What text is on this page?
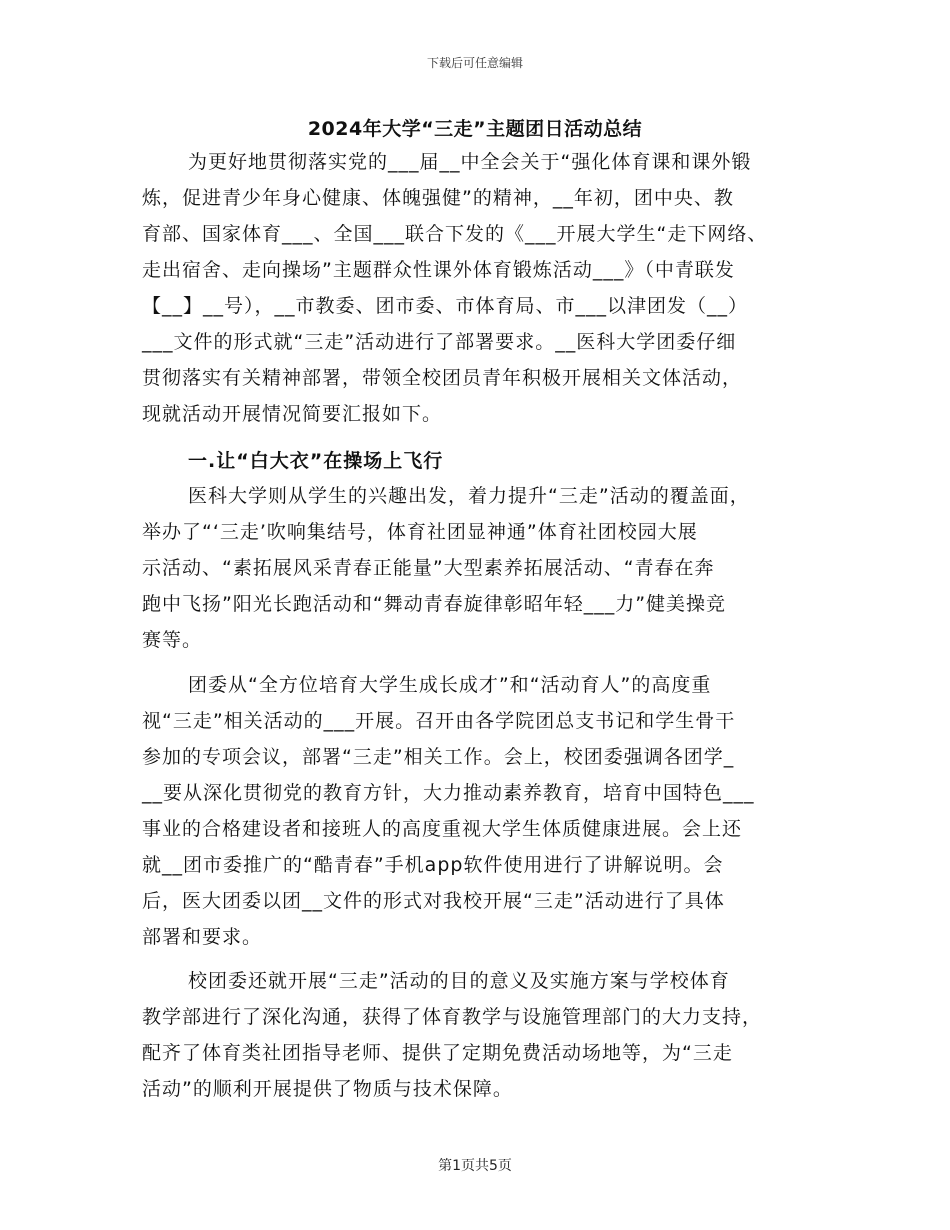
下载后可任意编辑
2024年大学“三走”主题团日活动总结
为更好地贯彻落实党的___届__中全会关于“强化体育课和课外锻
炼，促进青少年身心健康、体魄强健”的精神，__年初，团中央、教
育部、国家体育___、全国___联合下发的《___开展大学生“走下网络、
走出宿舍、走向操场”主题群众性课外体育锻炼活动___》（中青联发
【__】__号），__市教委、团市委、市体育局、市___以津团发（__）
___文件的形式就“三走”活动进行了部署要求。__医科大学团委仔细
贯彻落实有关精神部署，带领全校团员青年积极开展相关文体活动，
现就活动开展情况简要汇报如下。
一.让“白大衣”在操场上飞行
医科大学则从学生的兴趣出发，着力提升“三走”活动的覆盖面，
举办了“‘三走’吹响集结号，体育社团显神通”体育社团校园大展
示活动、“素拓展风采青春正能量”大型素养拓展活动、“青春在奔
跑中飞扬”阳光长跑活动和“舞动青春旋律彰昭年轻___力”健美操竞
赛等。
团委从“全方位培育大学生成长成才”和“活动育人”的高度重
视“三走”相关活动的___开展。召开由各学院团总支书记和学生骨干
参加的专项会议，部署“三走”相关工作。会上，校团委强调各团学_
__要从深化贯彻党的教育方针，大力推动素养教育，培育中国特色___
事业的合格建设者和接班人的高度重视大学生体质健康进展。会上还
就__团市委推广的“酷青春”手机app软件使用进行了讲解说明。会
后，医大团委以团__文件的形式对我校开展“三走”活动进行了具体
部署和要求。
校团委还就开展“三走”活动的目的意义及实施方案与学校体育
教学部进行了深化沟通，获得了体育教学与设施管理部门的大力支持，
配齐了体育类社团指导老师、提供了定期免费活动场地等，为“三走
活动”的顺利开展提供了物质与技术保障。
第1页共5页
